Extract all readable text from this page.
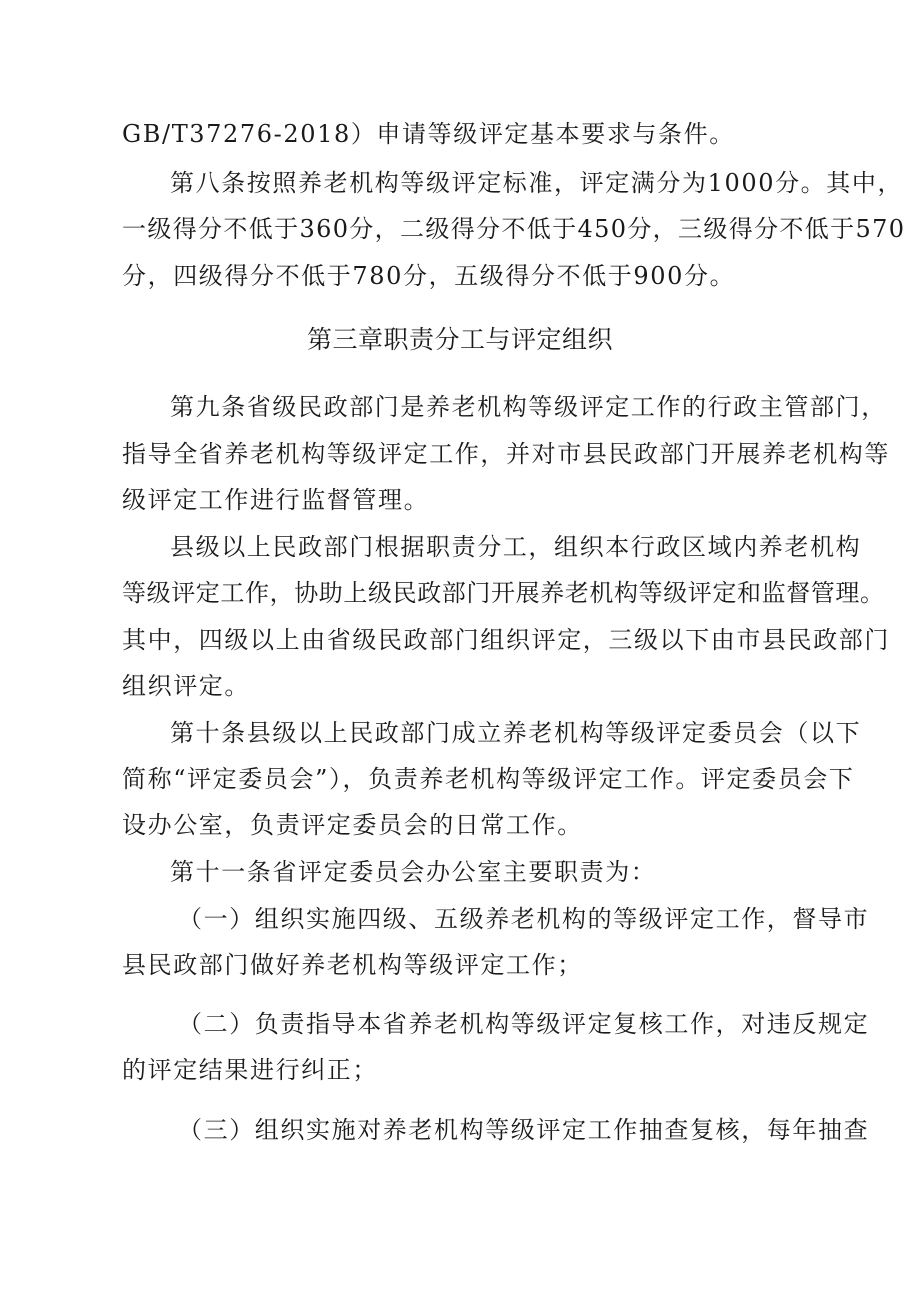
GB/T37276-2018）申请等级评定基本要求与条件。
第八条按照养老机构等级评定标准，评定满分为1000分。其中，
一级得分不低于360分，二级得分不低于450分，三级得分不低于570
分，四级得分不低于780分，五级得分不低于900分。
第三章职责分工与评定组织
第九条省级民政部门是养老机构等级评定工作的行政主管部门，
指导全省养老机构等级评定工作，并对市县民政部门开展养老机构等
级评定工作进行监督管理。
县级以上民政部门根据职责分工，组织本行政区域内养老机构
等级评定工作，协助上级民政部门开展养老机构等级评定和监督管理。
其中，四级以上由省级民政部门组织评定，三级以下由市县民政部门
组织评定。
第十条县级以上民政部门成立养老机构等级评定委员会（以下
简称“评定委员会”），负责养老机构等级评定工作。评定委员会下
设办公室，负责评定委员会的日常工作。
第十一条省评定委员会办公室主要职责为：
（一）组织实施四级、五级养老机构的等级评定工作，督导市
县民政部门做好养老机构等级评定工作；
（二）负责指导本省养老机构等级评定复核工作，对违反规定
的评定结果进行纠正；
（三）组织实施对养老机构等级评定工作抽查复核，每年抽查
